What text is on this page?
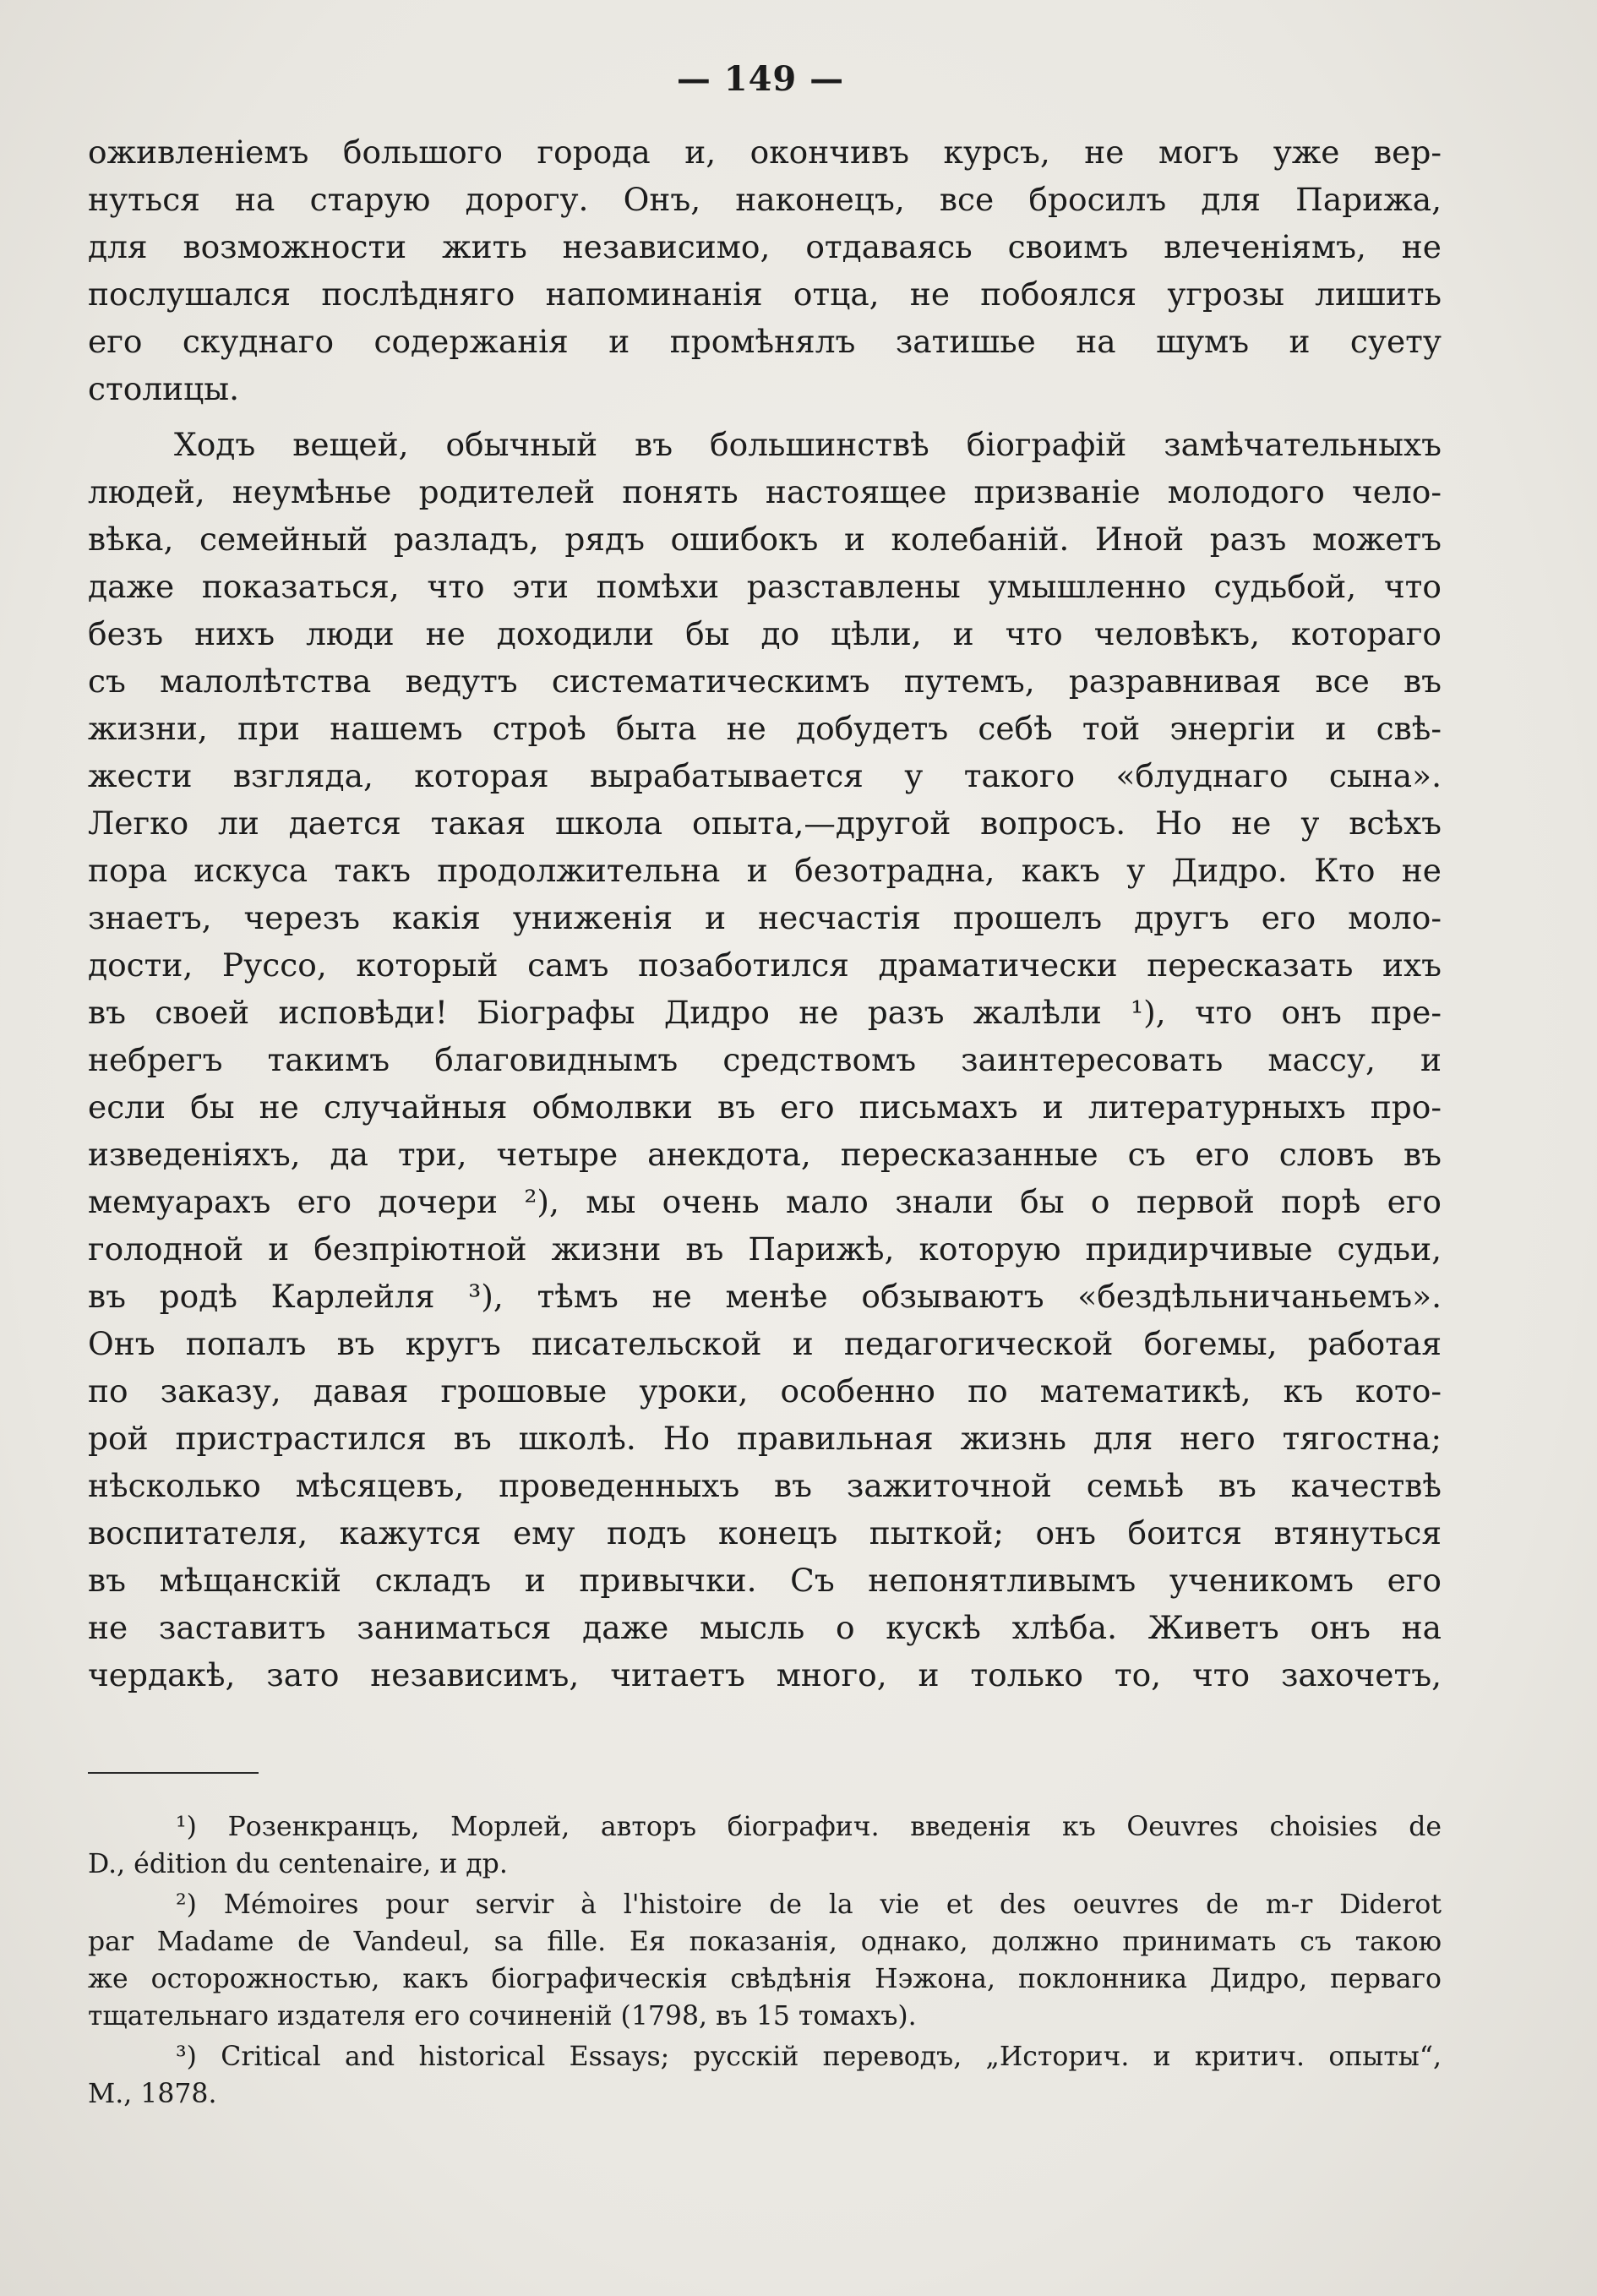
— 149 —
оживленіемъ большого города и, окончивъ курсъ, не могъ уже вер-
нуться на старую дорогу. Онъ, наконецъ, все бросилъ для Парижа,
для возможности жить независимо, отдаваясь своимъ влеченіямъ, не
послушался послѣдняго напоминанія отца, не побоялся угрозы лишить
его скуднаго содержанія и промѣнялъ затишье на шумъ и суету
столицы.
Ходъ вещей, обычный въ большинствѣ біографій замѣчательныхъ
людей, неумѣнье родителей понять настоящее призваніе молодого чело-
вѣка, семейный разладъ, рядъ ошибокъ и колебаній. Иной разъ можетъ
даже показаться, что эти помѣхи разставлены умышленно судьбой, что
безъ нихъ люди не доходили бы до цѣли, и что человѣкъ, котораго
съ малолѣтства ведутъ систематическимъ путемъ, разравнивая все въ
жизни, при нашемъ строѣ быта не добудетъ себѣ той энергіи и свѣ-
жести взгляда, которая вырабатывается у такого «блуднаго сына».
Легко ли дается такая школа опыта,—другой вопросъ. Но не у всѣхъ
пора искуса такъ продолжительна и безотрадна, какъ у Дидро. Кто не
знаетъ, черезъ какія униженія и несчастія прошелъ другъ его моло-
дости, Руссо, который самъ позаботился драматически пересказать ихъ
въ своей исповѣди! Біографы Дидро не разъ жалѣли ¹), что онъ пре-
небрегъ такимъ благовиднымъ средствомъ заинтересовать массу, и
если бы не случайныя обмолвки въ его письмахъ и литературныхъ про-
изведеніяхъ, да три, четыре анекдота, пересказанные съ его словъ въ
мемуарахъ его дочери ²), мы очень мало знали бы о первой порѣ его
голодной и безпріютной жизни въ Парижѣ, которую придирчивые судьи,
въ родѣ Карлейля ³), тѣмъ не менѣе обзываютъ «бездѣльничаньемъ».
Онъ попалъ въ кругъ писательской и педагогической богемы, работая
по заказу, давая грошовые уроки, особенно по математикѣ, къ кото-
рой пристрастился въ школѣ. Но правильная жизнь для него тягостна;
нѣсколько мѣсяцевъ, проведенныхъ въ зажиточной семьѣ въ качествѣ
воспитателя, кажутся ему подъ конецъ пыткой; онъ боится втянуться
въ мѣщанскій складъ и привычки. Съ непонятливымъ ученикомъ его
не заставитъ заниматься даже мысль о кускѣ хлѣба. Живетъ онъ на
чердакѣ, зато независимъ, читаетъ много, и только то, что захочетъ,
¹) Розенкранцъ, Морлей, авторъ біографич. введенія къ Oeuvres choisies de
D., édition du centenaire, и др.
²) Mémoires pour servir à l'histoire de la vie et des oeuvres de m-r Diderot
par Madame de Vandeul, sa fille. Ея показанія, однако, должно принимать съ такою
же осторожностью, какъ біографическія свѣдѣнія Нэжона, поклонника Дидро, перваго
тщательнаго издателя его сочиненій (1798, въ 15 томахъ).
³) Critical and historical Essays; русскій переводъ, „Историч. и критич. опыты“,
M., 1878.
